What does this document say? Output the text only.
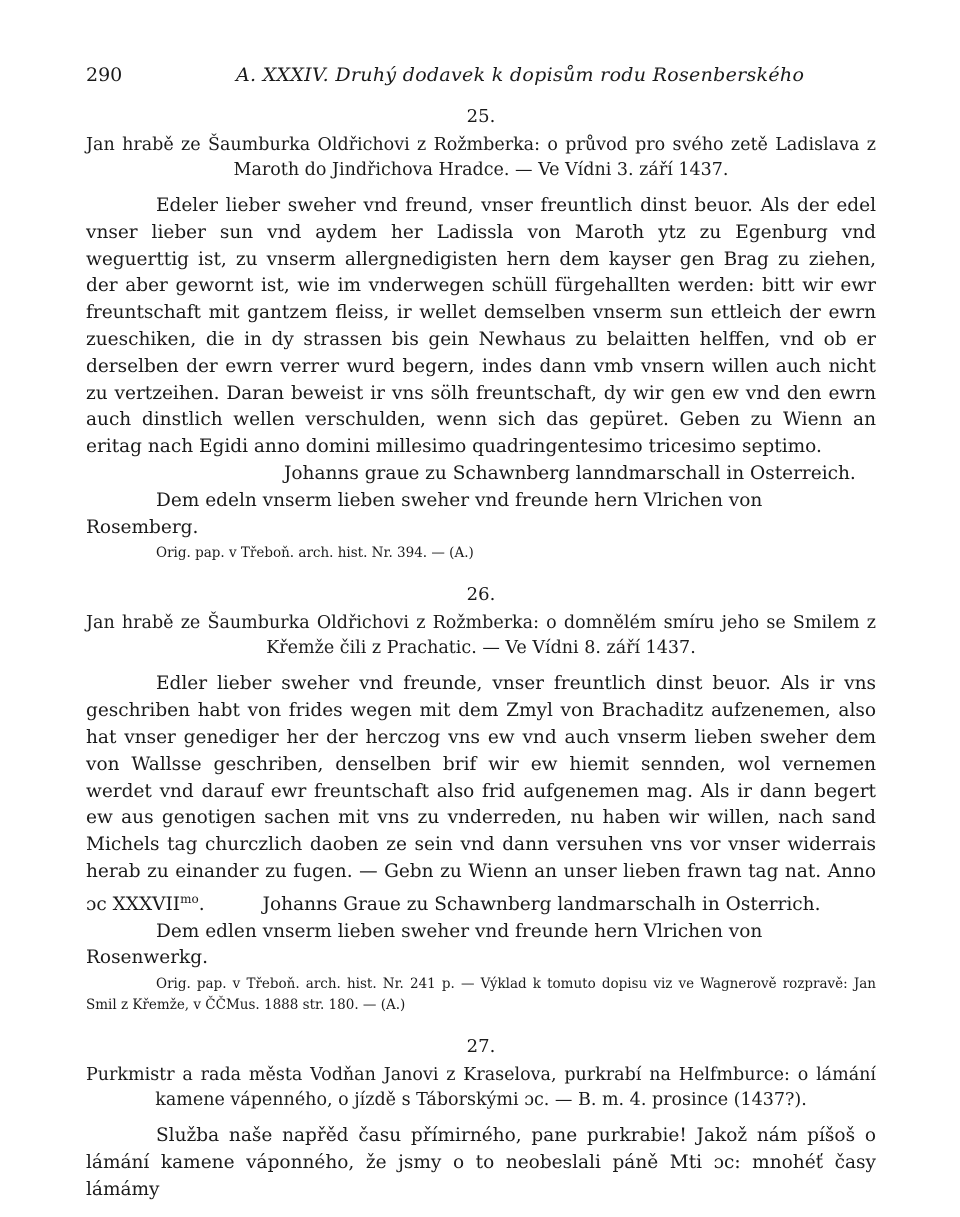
290	A. XXXIV. Druhý dodavek k dopisům rodu Rosenberského
25.

Jan hrabě ze Šaumburka Oldřichovi z Rožmberka: o průvod pro svého zetě Ladislava z Maroth do Jindřichova Hradce. — Ve Vídni 3. září 1437.

Edeler lieber sweher vnd freund, vnser freuntlich dinst beuor. Als der edel vnser lieber sun vnd aydem her Ladissla von Maroth ytz zu Egenburg vnd weguerttig ist, zu vnserm allergnedigisten hern dem kayser gen Brag zu ziehen, der aber gewornt ist, wie im vnderwegen schüll fürgehallten werden: bitt wir ewr freuntschaft mit gantzem fleiss, ir wellet demselben vnserm sun ettleich der ewrn zueschiken, die in dy strassen bis gein Newhaus zu belaitten helffen, vnd ob er derselben der ewrn verrer wurd begern, indes dann vmb vnsern willen auch nicht zu vertzeihen. Daran beweist ir vns sölh freuntschaft, dy wir gen ew vnd den ewrn auch dinstlich wellen verschulden, wenn sich das gepüret. Geben zu Wienn an eritag nach Egidi anno domini millesimo quadringentesimo tricesimo septimo.

Johanns graue zu Schawnberg lanndmarschall in Osterreich.

Dem edeln vnserm lieben sweher vnd freunde hern Vlrichen von Rosemberg.

Orig. pap. v Třeboň. arch. hist. Nr. 394. — (A.)

26.

Jan hrabě ze Šaumburka Oldřichovi z Rožmberka: o domnělém smíru jeho se Smilem z Křemže čili z Prachatic. — Ve Vídni 8. září 1437.

Edler lieber sweher vnd freunde, vnser freuntlich dinst beuor. Als ir vns geschriben habt von frides wegen mit dem Zmyl von Brachaditz aufzenemen, also hat vnser genediger her der herczog vns ew vnd auch vnserm lieben sweher dem von Wallsse geschriben, denselben brif wir ew hiemit sennden, wol vernemen werdet vnd darauf ewr freuntschaft also frid aufgenemen mag. Als ir dann begert ew aus genotigen sachen mit vns zu vnderreden, nu haben wir willen, nach sand Michels tag churczlich daoben ze sein vnd dann versuhen vns vor vnser widerrais herab zu einander zu fugen. — Gebn zu Wienn an unser lieben frawn tag nat. Anno ɔc $XXXVII^{mo}$.	Johanns Graue zu Schawnberg landmarschalh in Osterrich.

Dem edlen vnserm lieben sweher vnd freunde hern Vlrichen von Rosenwerkg.

Orig. pap. v Třeboň. arch. hist. Nr. 241 p. — Výklad k tomuto dopisu viz ve Wagnerově rozpravě: Jan Smil z Křemže, v ČČMus. 1888 str. 180. — (A.)

27.

Purkmistr a rada města Vodňan Janovi z Kraselova, purkrabí na Helfmburce: o lámání kamene vápenného, o jízdě s Táborskými ɔc. — B. m. 4. prosince (1437?).

Služba naše napřěd času přímirného, pane purkrabie! Jakož nám píšoš o lámání kamene váponného, že jsmy o to neobeslali páně Mti ɔc: mnohéť časy lámámy
